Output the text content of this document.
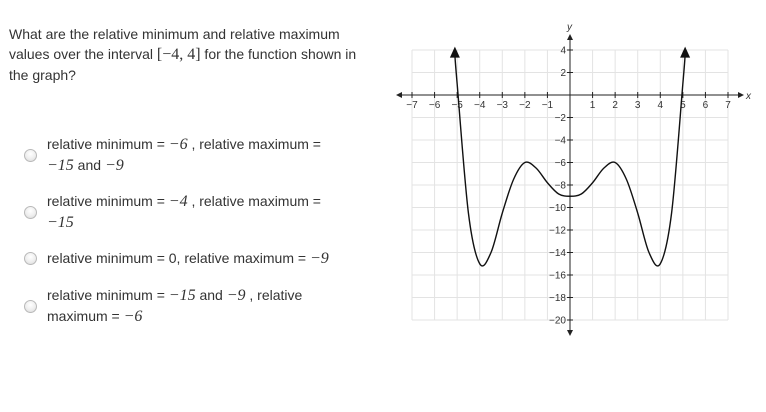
What are the relative minimum and relative maximum values over the interval [−4, 4] for the function shown in the graph?
relative minimum = −6 , relative maximum =
−15 and −9
relative minimum = −4 , relative maximum =
−15
relative minimum = 0, relative maximum = −9
relative minimum = −15 and −9 , relative
maximum = −6
x
y
−7 −6 −5 −4 −3 −2 −1	1 2 3 4 5 6 7
4
2
−2
−4
−6
−8
−10
−12
−14
−16
−18
−20
